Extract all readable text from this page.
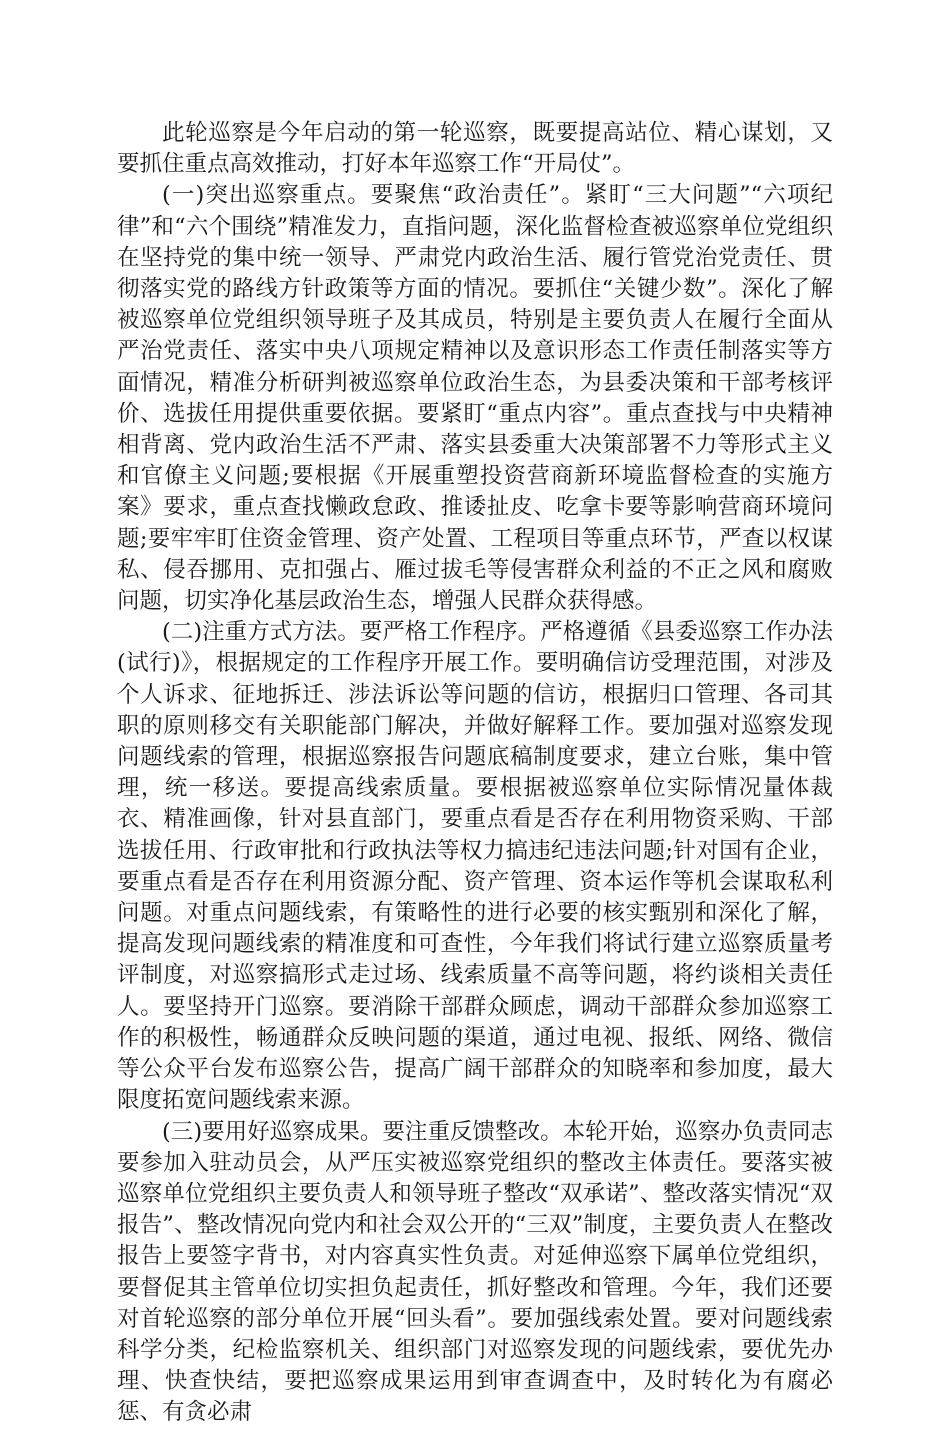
此轮巡察是今年启动的第一轮巡察，既要提高站位、精心谋划，又要抓住重点高效推动，打好本年巡察工作“开局仗”。

(一)突出巡察重点。要聚焦“政治责任”。紧盯“三大问题”“六项纪律”和“六个围绕”精准发力，直指问题，深化监督检查被巡察单位党组织在坚持党的集中统一领导、严肃党内政治生活、履行管党治党责任、贯彻落实党的路线方针政策等方面的情况。要抓住“关键少数”。深化了解被巡察单位党组织领导班子及其成员，特别是主要负责人在履行全面从严治党责任、落实中央八项规定精神以及意识形态工作责任制落实等方面情况，精准分析研判被巡察单位政治生态，为县委决策和干部考核评价、选拔任用提供重要依据。要紧盯“重点内容”。重点查找与中央精神相背离、党内政治生活不严肃、落实县委重大决策部署不力等形式主义和官僚主义问题;要根据《开展重塑投资营商新环境监督检查的实施方案》要求，重点查找懒政怠政、推诿扯皮、吃拿卡要等影响营商环境问题;要牢牢盯住资金管理、资产处置、工程项目等重点环节，严查以权谋私、侵吞挪用、克扣强占、雁过拔毛等侵害群众利益的不正之风和腐败问题，切实净化基层政治生态，增强人民群众获得感。

(二)注重方式方法。要严格工作程序。严格遵循《县委巡察工作办法(试行)》，根据规定的工作程序开展工作。要明确信访受理范围，对涉及个人诉求、征地拆迁、涉法诉讼等问题的信访，根据归口管理、各司其职的原则移交有关职能部门解决，并做好解释工作。要加强对巡察发现问题线索的管理，根据巡察报告问题底稿制度要求，建立台账，集中管理，统一移送。要提高线索质量。要根据被巡察单位实际情况量体裁衣、精准画像，针对县直部门，要重点看是否存在利用物资采购、干部选拔任用、行政审批和行政执法等权力搞违纪违法问题;针对国有企业，要重点看是否存在利用资源分配、资产管理、资本运作等机会谋取私利问题。对重点问题线索，有策略性的进行必要的核实甄别和深化了解，提高发现问题线索的精准度和可查性，今年我们将试行建立巡察质量考评制度，对巡察搞形式走过场、线索质量不高等问题，将约谈相关责任人。要坚持开门巡察。要消除干部群众顾虑，调动干部群众参加巡察工作的积极性，畅通群众反映问题的渠道，通过电视、报纸、网络、微信等公众平台发布巡察公告，提高广阔干部群众的知晓率和参加度，最大限度拓宽问题线索来源。

(三)要用好巡察成果。要注重反馈整改。本轮开始，巡察办负责同志要参加入驻动员会，从严压实被巡察党组织的整改主体责任。要落实被巡察单位党组织主要负责人和领导班子整改“双承诺”、整改落实情况“双报告”、整改情况向党内和社会双公开的“三双”制度，主要负责人在整改报告上要签字背书，对内容真实性负责。对延伸巡察下属单位党组织，要督促其主管单位切实担负起责任，抓好整改和管理。今年，我们还要对首轮巡察的部分单位开展“回头看”。要加强线索处置。要对问题线索科学分类，纪检监察机关、组织部门对巡察发现的问题线索，要优先办理、快查快结，要把巡察成果运用到审查调查中，及时转化为有腐必惩、有贪必肃
